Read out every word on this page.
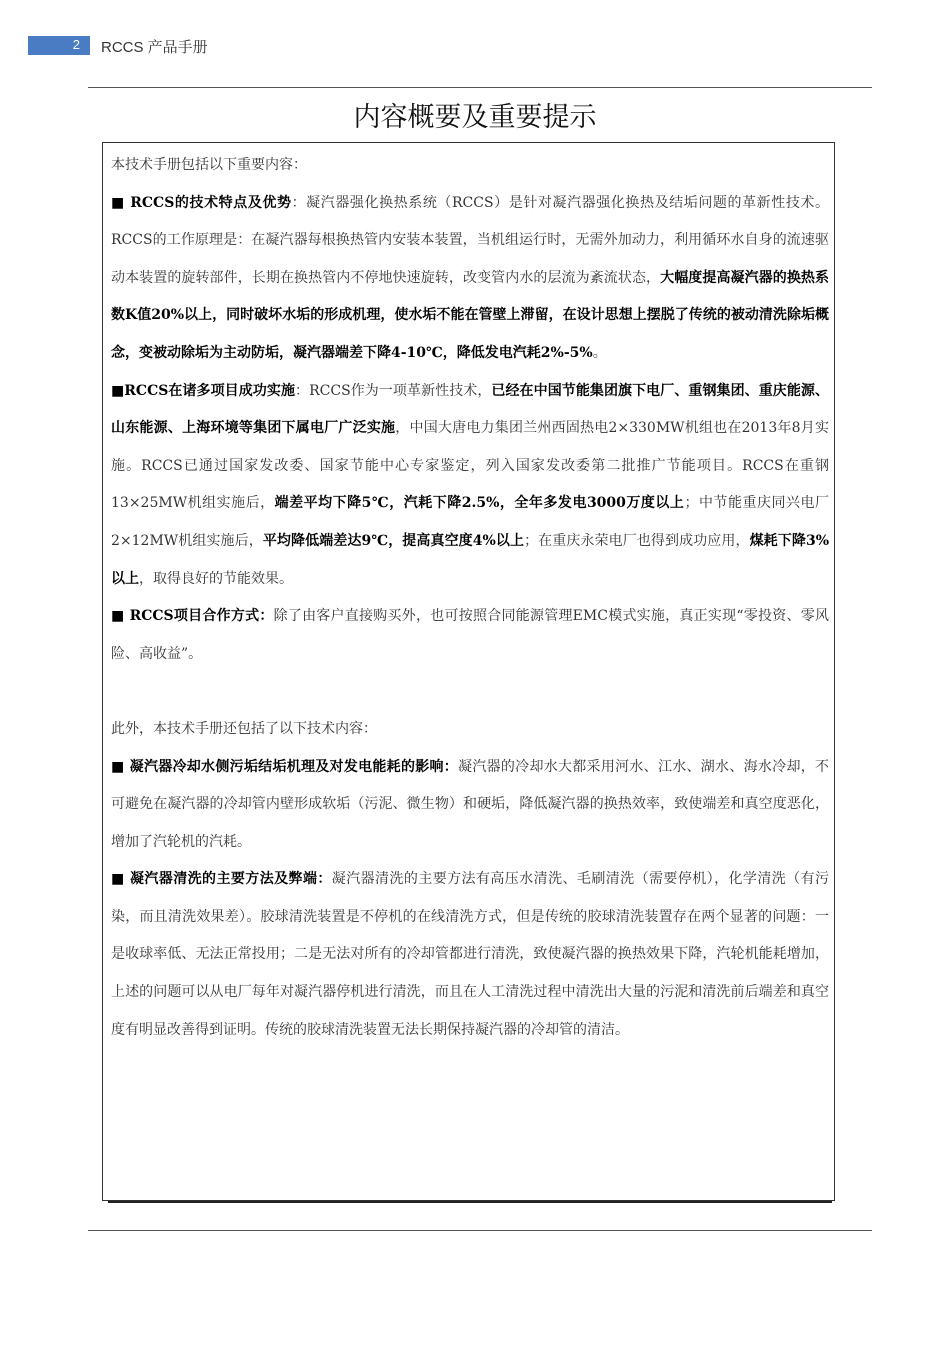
2 RCCS 产品手册
内容概要及重要提示

本技术手册包括以下重要内容：

■ RCCS的技术特点及优势：凝汽器强化换热系统（RCCS）是针对凝汽器强化换热及结垢问题的革新性技术。RCCS的工作原理是：在凝汽器每根换热管内安装本装置，当机组运行时，无需外加动力，利用循环水自身的流速驱动本装置的旋转部件，长期在换热管内不停地快速旋转，改变管内水的层流为紊流状态，大幅度提高凝汽器的换热系数K值20%以上，同时破坏水垢的形成机理，使水垢不能在管壁上滞留，在设计思想上摆脱了传统的被动清洗除垢概念，变被动除垢为主动防垢，凝汽器端差下降4-10℃，降低发电汽耗2%-5%。

■RCCS在诸多项目成功实施：RCCS作为一项革新性技术，已经在中国节能集团旗下电厂、重钢集团、重庆能源、山东能源、上海环境等集团下属电厂广泛实施，中国大唐电力集团兰州西固热电2×330MW机组也在2013年8月实施。RCCS已通过国家发改委、国家节能中心专家鉴定，列入国家发改委第二批推广节能项目。RCCS在重钢13×25MW机组实施后，端差平均下降5℃，汽耗下降2.5%，全年多发电3000万度以上；中节能重庆同兴电厂2×12MW机组实施后，平均降低端差达9℃，提高真空度4%以上；在重庆永荣电厂也得到成功应用，煤耗下降3%以上，取得良好的节能效果。

■ RCCS项目合作方式：除了由客户直接购买外，也可按照合同能源管理EMC模式实施，真正实现“零投资、零风险、高收益”。

此外，本技术手册还包括了以下技术内容：

■ 凝汽器冷却水侧污垢结垢机理及对发电能耗的影响：凝汽器的冷却水大都采用河水、江水、湖水、海水冷却，不可避免在凝汽器的冷却管内壁形成软垢（污泥、微生物）和硬垢，降低凝汽器的换热效率，致使端差和真空度恶化，增加了汽轮机的汽耗。

■ 凝汽器清洗的主要方法及弊端：凝汽器清洗的主要方法有高压水清洗、毛刷清洗（需要停机），化学清洗（有污染，而且清洗效果差）。胶球清洗装置是不停机的在线清洗方式，但是传统的胶球清洗装置存在两个显著的问题：一是收球率低、无法正常投用；二是无法对所有的冷却管都进行清洗，致使凝汽器的换热效果下降，汽轮机能耗增加，上述的问题可以从电厂每年对凝汽器停机进行清洗，而且在人工清洗过程中清洗出大量的污泥和清洗前后端差和真空度有明显改善得到证明。传统的胶球清洗装置无法长期保持凝汽器的冷却管的清洁。
